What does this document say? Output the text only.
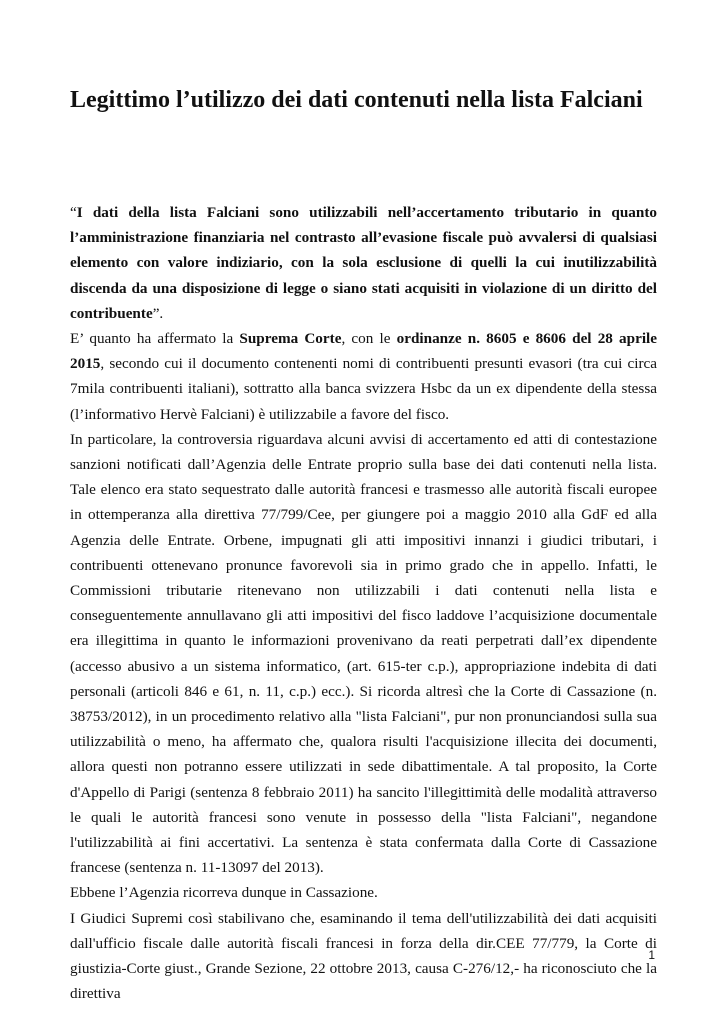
Legittimo l’utilizzo dei dati contenuti nella lista Falciani

“I dati della lista Falciani sono utilizzabili nell’accertamento tributario in quanto l’amministrazione finanziaria nel contrasto all’evasione fiscale può avvalersi di qualsiasi elemento con valore indiziario, con la sola esclusione di quelli la cui inutilizzabilità discenda da una disposizione di legge o siano stati acquisiti in violazione di un diritto del contribuente”.

E’ quanto ha affermato la Suprema Corte, con le ordinanze n. 8605 e 8606 del 28 aprile 2015, secondo cui il documento contenenti nomi di contribuenti presunti evasori (tra cui circa 7mila contribuenti italiani), sottratto alla banca svizzera Hsbc da un ex dipendente della stessa (l’informativo Hervè Falciani) è utilizzabile a favore del fisco.

In particolare, la controversia riguardava alcuni avvisi di accertamento ed atti di contestazione sanzioni notificati dall’Agenzia delle Entrate proprio sulla base dei dati contenuti nella lista. Tale elenco era stato sequestrato dalle autorità francesi e trasmesso alle autorità fiscali europee in ottemperanza alla direttiva 77/799/Cee, per giungere poi a maggio 2010 alla GdF ed alla Agenzia delle Entrate. Orbene, impugnati gli atti impositivi innanzi i giudici tributari, i contribuenti ottenevano pronunce favorevoli sia in primo grado che in appello. Infatti, le Commissioni tributarie ritenevano non utilizzabili i dati contenuti nella lista e conseguentemente annullavano gli atti impositivi del fisco laddove l’acquisizione documentale era illegittima in quanto le informazioni provenivano da reati perpetrati dall’ex dipendente (accesso abusivo a un sistema informatico, (art. 615-ter c.p.), appropriazione indebita di dati personali (articoli 846 e 61, n. 11, c.p.) ecc.). Si ricorda altresì che la Corte di Cassazione (n. 38753/2012), in un procedimento relativo alla "lista Falciani", pur non pronunciandosi sulla sua utilizzabilità o meno, ha affermato che, qualora risulti l'acquisizione illecita dei documenti, allora questi non potranno essere utilizzati in sede dibattimentale. A tal proposito, la Corte d'Appello di Parigi (sentenza 8 febbraio 2011) ha sancito l'illegittimità delle modalità attraverso le quali le autorità francesi sono venute in possesso della "lista Falciani", negandone l'utilizzabilità ai fini accertativi. La sentenza è stata confermata dalla Corte di Cassazione francese (sentenza n. 11-13097 del 2013).

Ebbene l’Agenzia ricorreva dunque in Cassazione.

I Giudici Supremi così stabilivano che, esaminando il tema dell'utilizzabilità dei dati acquisiti dall'ufficio fiscale dalle autorità fiscali francesi in forza della dir.CEE 77/779, la Corte di giustizia-Corte giust., Grande Sezione, 22 ottobre 2013, causa C-276/12,- ha riconosciuto che la direttiva

1
